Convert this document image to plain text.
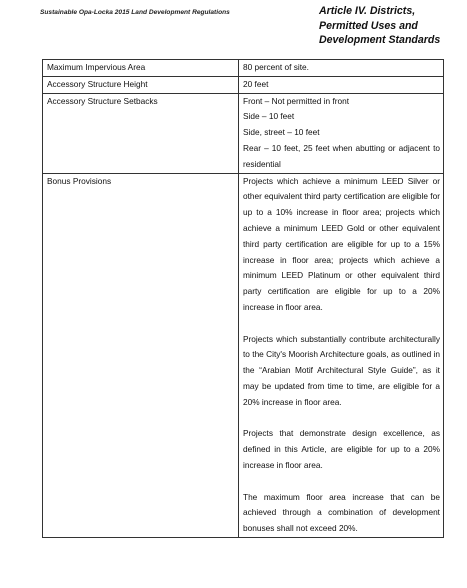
Sustainable Opa-Locka 2015 Land Development Regulations	Article IV. Districts,
Permitted Uses and
Development Standards
Maximum Impervious Area	80 percent of site.
Accessory Structure Height	20 feet
Accessory Structure Setbacks	Front – Not permitted in front
Side – 10 feet
Side, street – 10 feet
Rear – 10 feet, 25 feet when abutting or adjacent to residential

Bonus Provisions	Projects which achieve a minimum LEED Silver or other equivalent third party certification are eligible for up to a 10% increase in floor area; projects which achieve a minimum LEED Gold or other equivalent third party certification are eligible for up to a 15% increase in floor area; projects which achieve a minimum LEED Platinum or other equivalent third party certification are eligible for up to a 20% increase in floor area.

Projects which substantially contribute architecturally to the City's Moorish Architecture goals, as outlined in the “Arabian Motif Architectural Style Guide”, as it may be updated from time to time, are eligible for a 20% increase in floor area.

Projects that demonstrate design excellence, as defined in this Article, are eligible for up to a 20% increase in floor area.

The maximum floor area increase that can be achieved through a combination of development bonuses shall not exceed 20%.
